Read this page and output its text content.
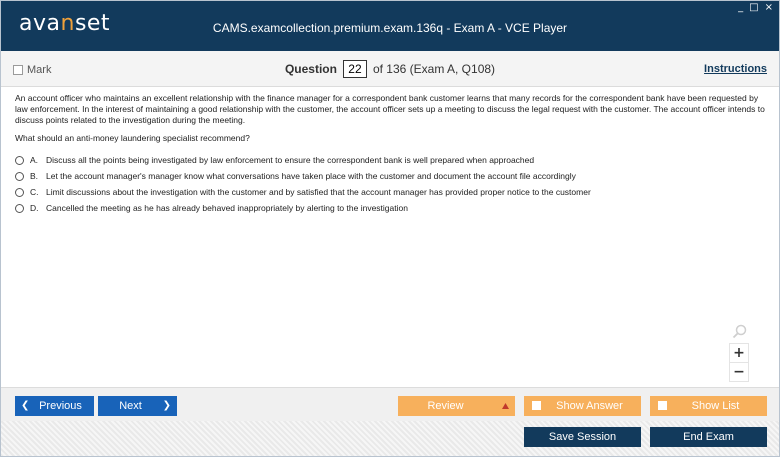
avanset	CAMS.examcollection.premium.exam.136q - Exam A - VCE Player
_ □ ×
Mark	Question 22 of 136 (Exam A, Q108)	Instructions
An account officer who maintains an excellent relationship with the finance manager for a correspondent bank customer learns that many records for the correspondent bank have been requested by law enforcement. In the interest of maintaining a good relationship with the customer, the account officer sets up a meeting to discuss the legal request with the customer. The account officer intends to discuss points related to the investigation during the meeting.
What should an anti-money laundering specialist recommend?
A. Discuss all the points being investigated by law enforcement to ensure the correspondent bank is well prepared when approached
B. Let the account manager's manager know what conversations have taken place with the customer and document the account file accordingly
C. Limit discussions about the investigation with the customer and by satisfied that the account manager has provided proper notice to the customer
D. Cancelled the meeting as he has already behaved inappropriately by alerting to the investigation
+
−
❮ Previous	Next	❯	Review	Show Answer	Show List
Save Session	End Exam
